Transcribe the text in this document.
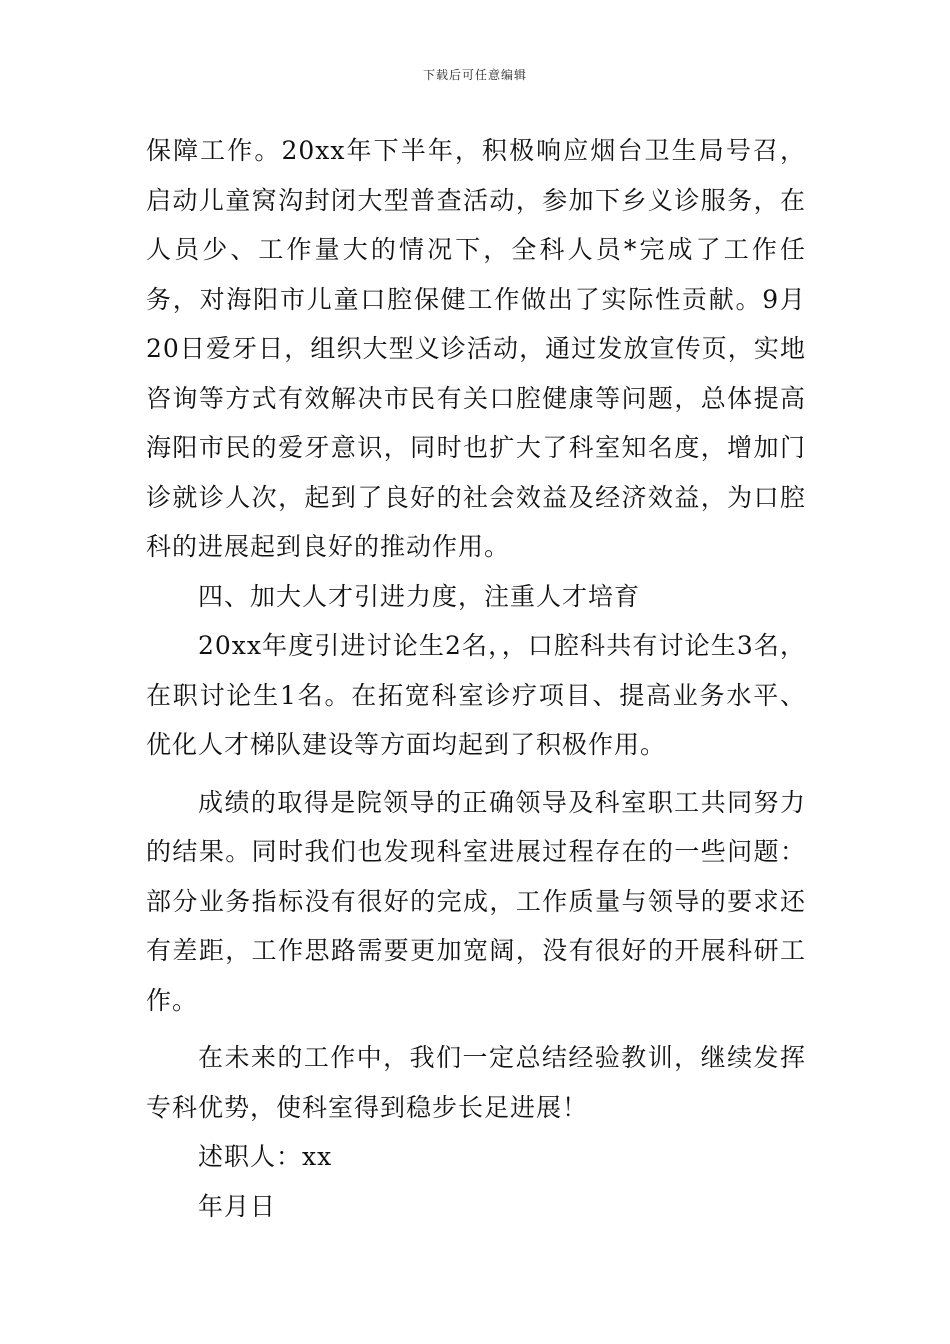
下载后可任意编辑

保障工作。20xx年下半年，积极响应烟台卫生局号召，启动儿童窝沟封闭大型普查活动，参加下乡义诊服务，在人员少、工作量大的情况下，全科人员*完成了工作任务，对海阳市儿童口腔保健工作做出了实际性贡献。9月20日爱牙日，组织大型义诊活动，通过发放宣传页，实地咨询等方式有效解决市民有关口腔健康等问题，总体提高海阳市民的爱牙意识，同时也扩大了科室知名度，增加门诊就诊人次，起到了良好的社会效益及经济效益，为口腔科的进展起到良好的推动作用。

四、加大人才引进力度，注重人才培育

20xx年度引进讨论生2名，，口腔科共有讨论生3名，在职讨论生1名。在拓宽科室诊疗项目、提高业务水平、优化人才梯队建设等方面均起到了积极作用。

成绩的取得是院领导的正确领导及科室职工共同努力的结果。同时我们也发现科室进展过程存在的一些问题：部分业务指标没有很好的完成，工作质量与领导的要求还有差距，工作思路需要更加宽阔，没有很好的开展科研工作。

在未来的工作中，我们一定总结经验教训，继续发挥专科优势，使科室得到稳步长足进展！

述职人：xx

年月日
